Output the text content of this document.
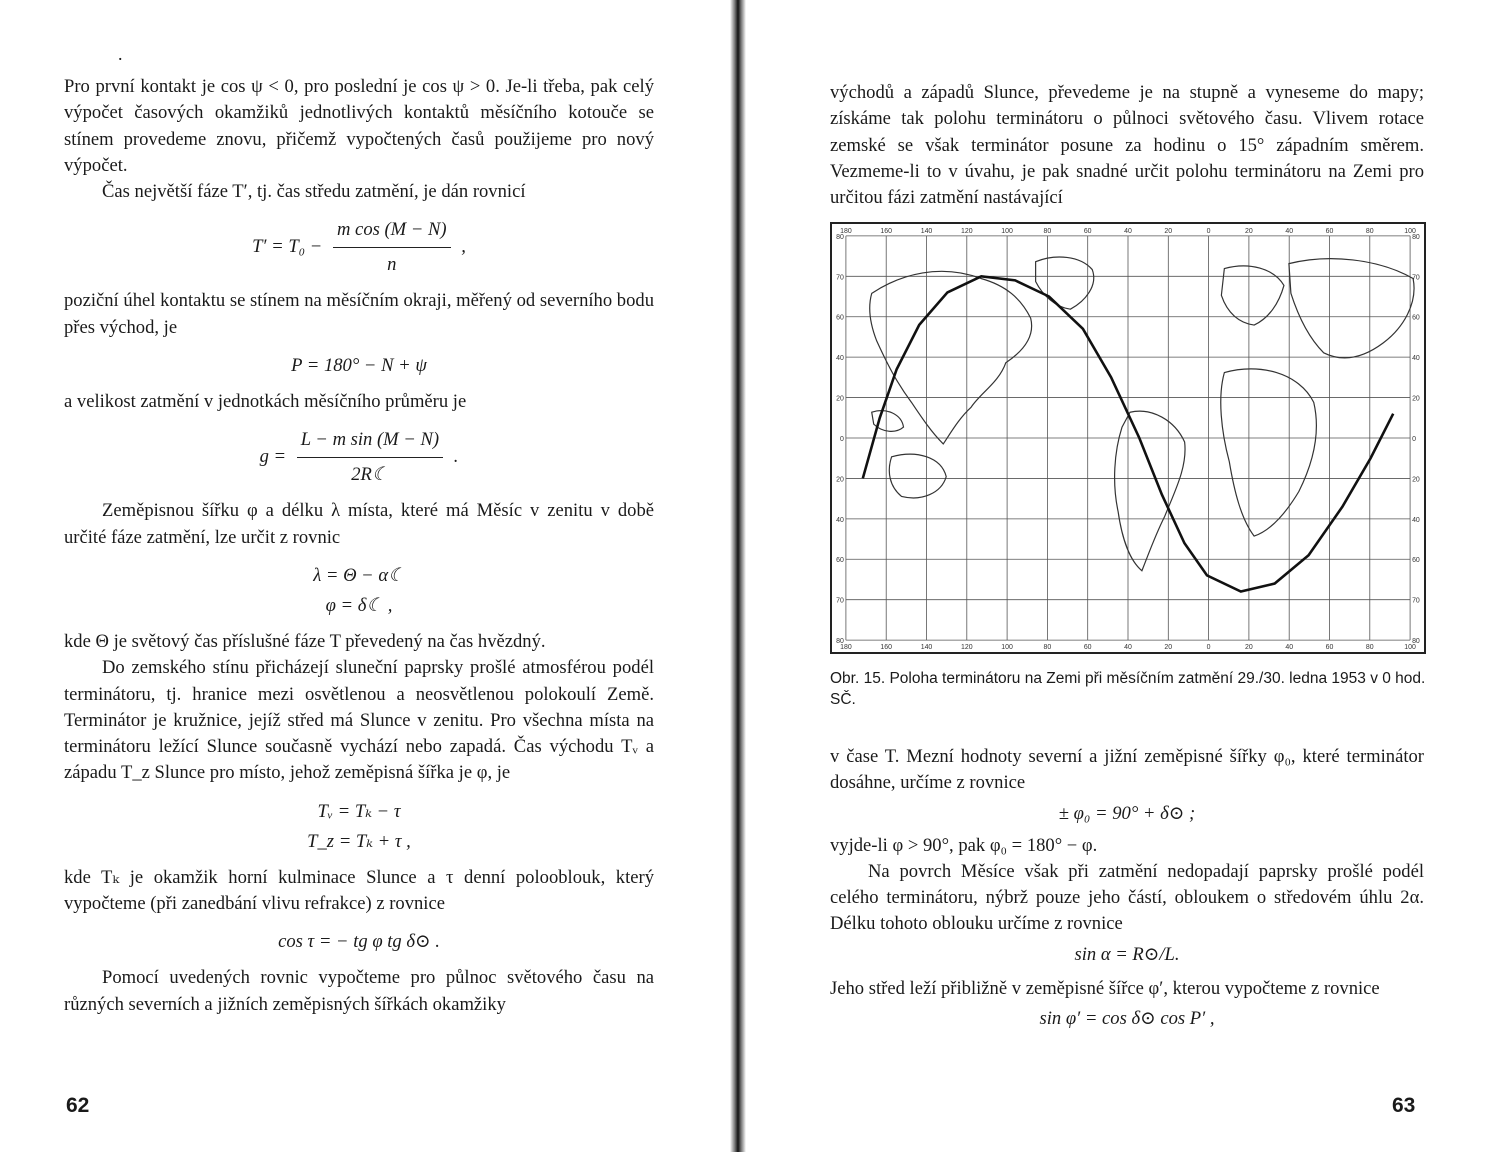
.

Pro první kontakt je cos ψ < 0, pro poslední je cos ψ > 0. Je-li třeba, pak celý výpočet časových okamžiků jednotlivých kontaktů měsíčního kotouče se stínem provedeme znovu, přičemž vypočtených časů použijeme pro nový výpočet.

Čas největší fáze T′, tj. čas středu zatmění, je dán rovnicí

$T' = T_0 - \frac{\text{m cos (M − N)}}{n}$ ,

poziční úhel kontaktu se stínem na měsíčním okraji, měřený od severního bodu přes východ, je

P = 180° − N + ψ

a velikost zatmění v jednotkách měsíčního průměru je

$g = \frac{\text{L − m sin (M − N)}}{2R☾}$ .

Zeměpisnou šířku φ a délku λ místa, které má Měsíc v zenitu v době určité fáze zatmění, lze určit z rovnic

λ = Θ − α☾
φ = δ☾ ,

kde Θ je světový čas příslušné fáze T převedený na čas hvězdný.

Do zemského stínu přicházejí sluneční paprsky prošlé atmosférou podél terminátoru, tj. hranice mezi osvětlenou a neosvětlenou polokoulí Země. Terminátor je kružnice, jejíž střed má Slunce v zenitu. Pro všechna místa na terminátoru ležící Slunce současně vychází nebo zapadá. Čas východu Tᵥ a západu T_z Slunce pro místo, jehož zeměpisná šířka je φ, je

Tᵥ = Tₖ − τ
T_z = Tₖ + τ ,

kde Tₖ je okamžik horní kulminace Slunce a τ denní polooblouk, který vypočteme (při zanedbání vlivu refrakce) z rovnice

cos τ = − tg φ tg δ⊙ .

Pomocí uvedených rovnic vypočteme pro půlnoc světového času na různých severních a jižních zeměpisných šířkách okamžiky

62

východů a západů Slunce, převedeme je na stupně a vyneseme do mapy; získáme tak polohu terminátoru o půlnoci světového času. Vlivem rotace zemské se však terminátor posune za hodinu o 15° západním směrem. Vezmeme-li to v úvahu, je pak snadné určit polohu terminátoru na Zemi pro určitou fázi zatmění nastávající

180	160	140	120	100	80	60	40	20	0	20	40	60	80	100
180	160	140	120	100	80	60	40	20	0	20	40	60	80	100
80
70
60
40
20
0
20
40
60
70
80
80
70
60
40
20
0
20
40
60
70
80
Obr. 15. Poloha terminátoru na Zemi při měsíčním zatmění 29./30. ledna 1953 v 0 hod. SČ.

v čase T. Mezní hodnoty severní a jižní zeměpisné šířky φ₀, které terminátor dosáhne, určíme z rovnice

± φ₀ = 90° + δ⊙ ;

vyjde-li φ > 90°, pak φ₀ = 180° − φ.

Na povrch Měsíce však při zatmění nedopadají paprsky prošlé podél celého terminátoru, nýbrž pouze jeho částí, obloukem o středovém úhlu 2α. Délku tohoto oblouku určíme z rovnice

sin α = R⊙/L.

Jeho střed leží přibližně v zeměpisné šířce φ′, kterou vypočteme z rovnice

sin φ′ = cos δ⊙ cos P′ ,
63
